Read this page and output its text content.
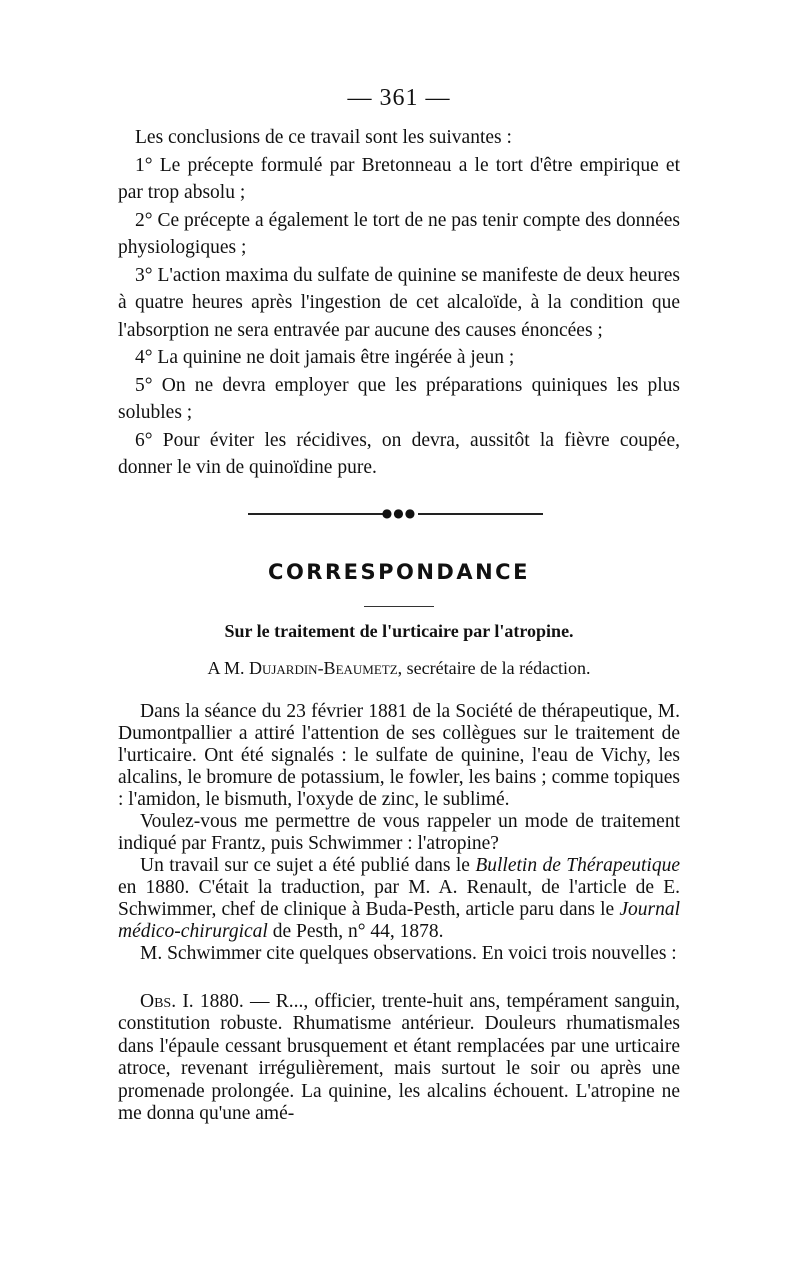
— 361 —

Les conclusions de ce travail sont les suivantes :

1° Le précepte formulé par Bretonneau a le tort d'être empirique et par trop absolu ;

2° Ce précepte a également le tort de ne pas tenir compte des données physiologiques ;

3° L'action maxima du sulfate de quinine se manifeste de deux heures à quatre heures après l'ingestion de cet alcaloïde, à la condition que l'absorption ne sera entravée par aucune des causes énoncées ;

4° La quinine ne doit jamais être ingérée à jeun ;

5° On ne devra employer que les préparations quiniques les plus solubles ;

6° Pour éviter les récidives, on devra, aussitôt la fièvre coupée, donner le vin de quinoïdine pure.

●●●
CORRESPONDANCE
Sur le traitement de l'urticaire par l'atropine.
A M. Dujardin-Beaumetz, secrétaire de la rédaction.

Dans la séance du 23 février 1881 de la Société de thérapeutique, M. Dumontpallier a attiré l'attention de ses collègues sur le traitement de l'urticaire. Ont été signalés : le sulfate de quinine, l'eau de Vichy, les alcalins, le bromure de potassium, le fowler, les bains ; comme topiques : l'amidon, le bismuth, l'oxyde de zinc, le sublimé.

Voulez-vous me permettre de vous rappeler un mode de traitement indiqué par Frantz, puis Schwimmer : l'atropine?

Un travail sur ce sujet a été publié dans le Bulletin de Thérapeutique en 1880. C'était la traduction, par M. A. Renault, de l'article de E. Schwimmer, chef de clinique à Buda-Pesth, article paru dans le Journal médico-chirurgical de Pesth, n° 44, 1878.

M. Schwimmer cite quelques observations. En voici trois nouvelles :

Obs. I. 1880. — R..., officier, trente-huit ans, tempérament sanguin, constitution robuste. Rhumatisme antérieur. Douleurs rhumatismales dans l'épaule cessant brusquement et étant remplacées par une urticaire atroce, revenant irrégulièrement, mais surtout le soir ou après une promenade prolongée. La quinine, les alcalins échouent. L'atropine ne me donna qu'une amé-
